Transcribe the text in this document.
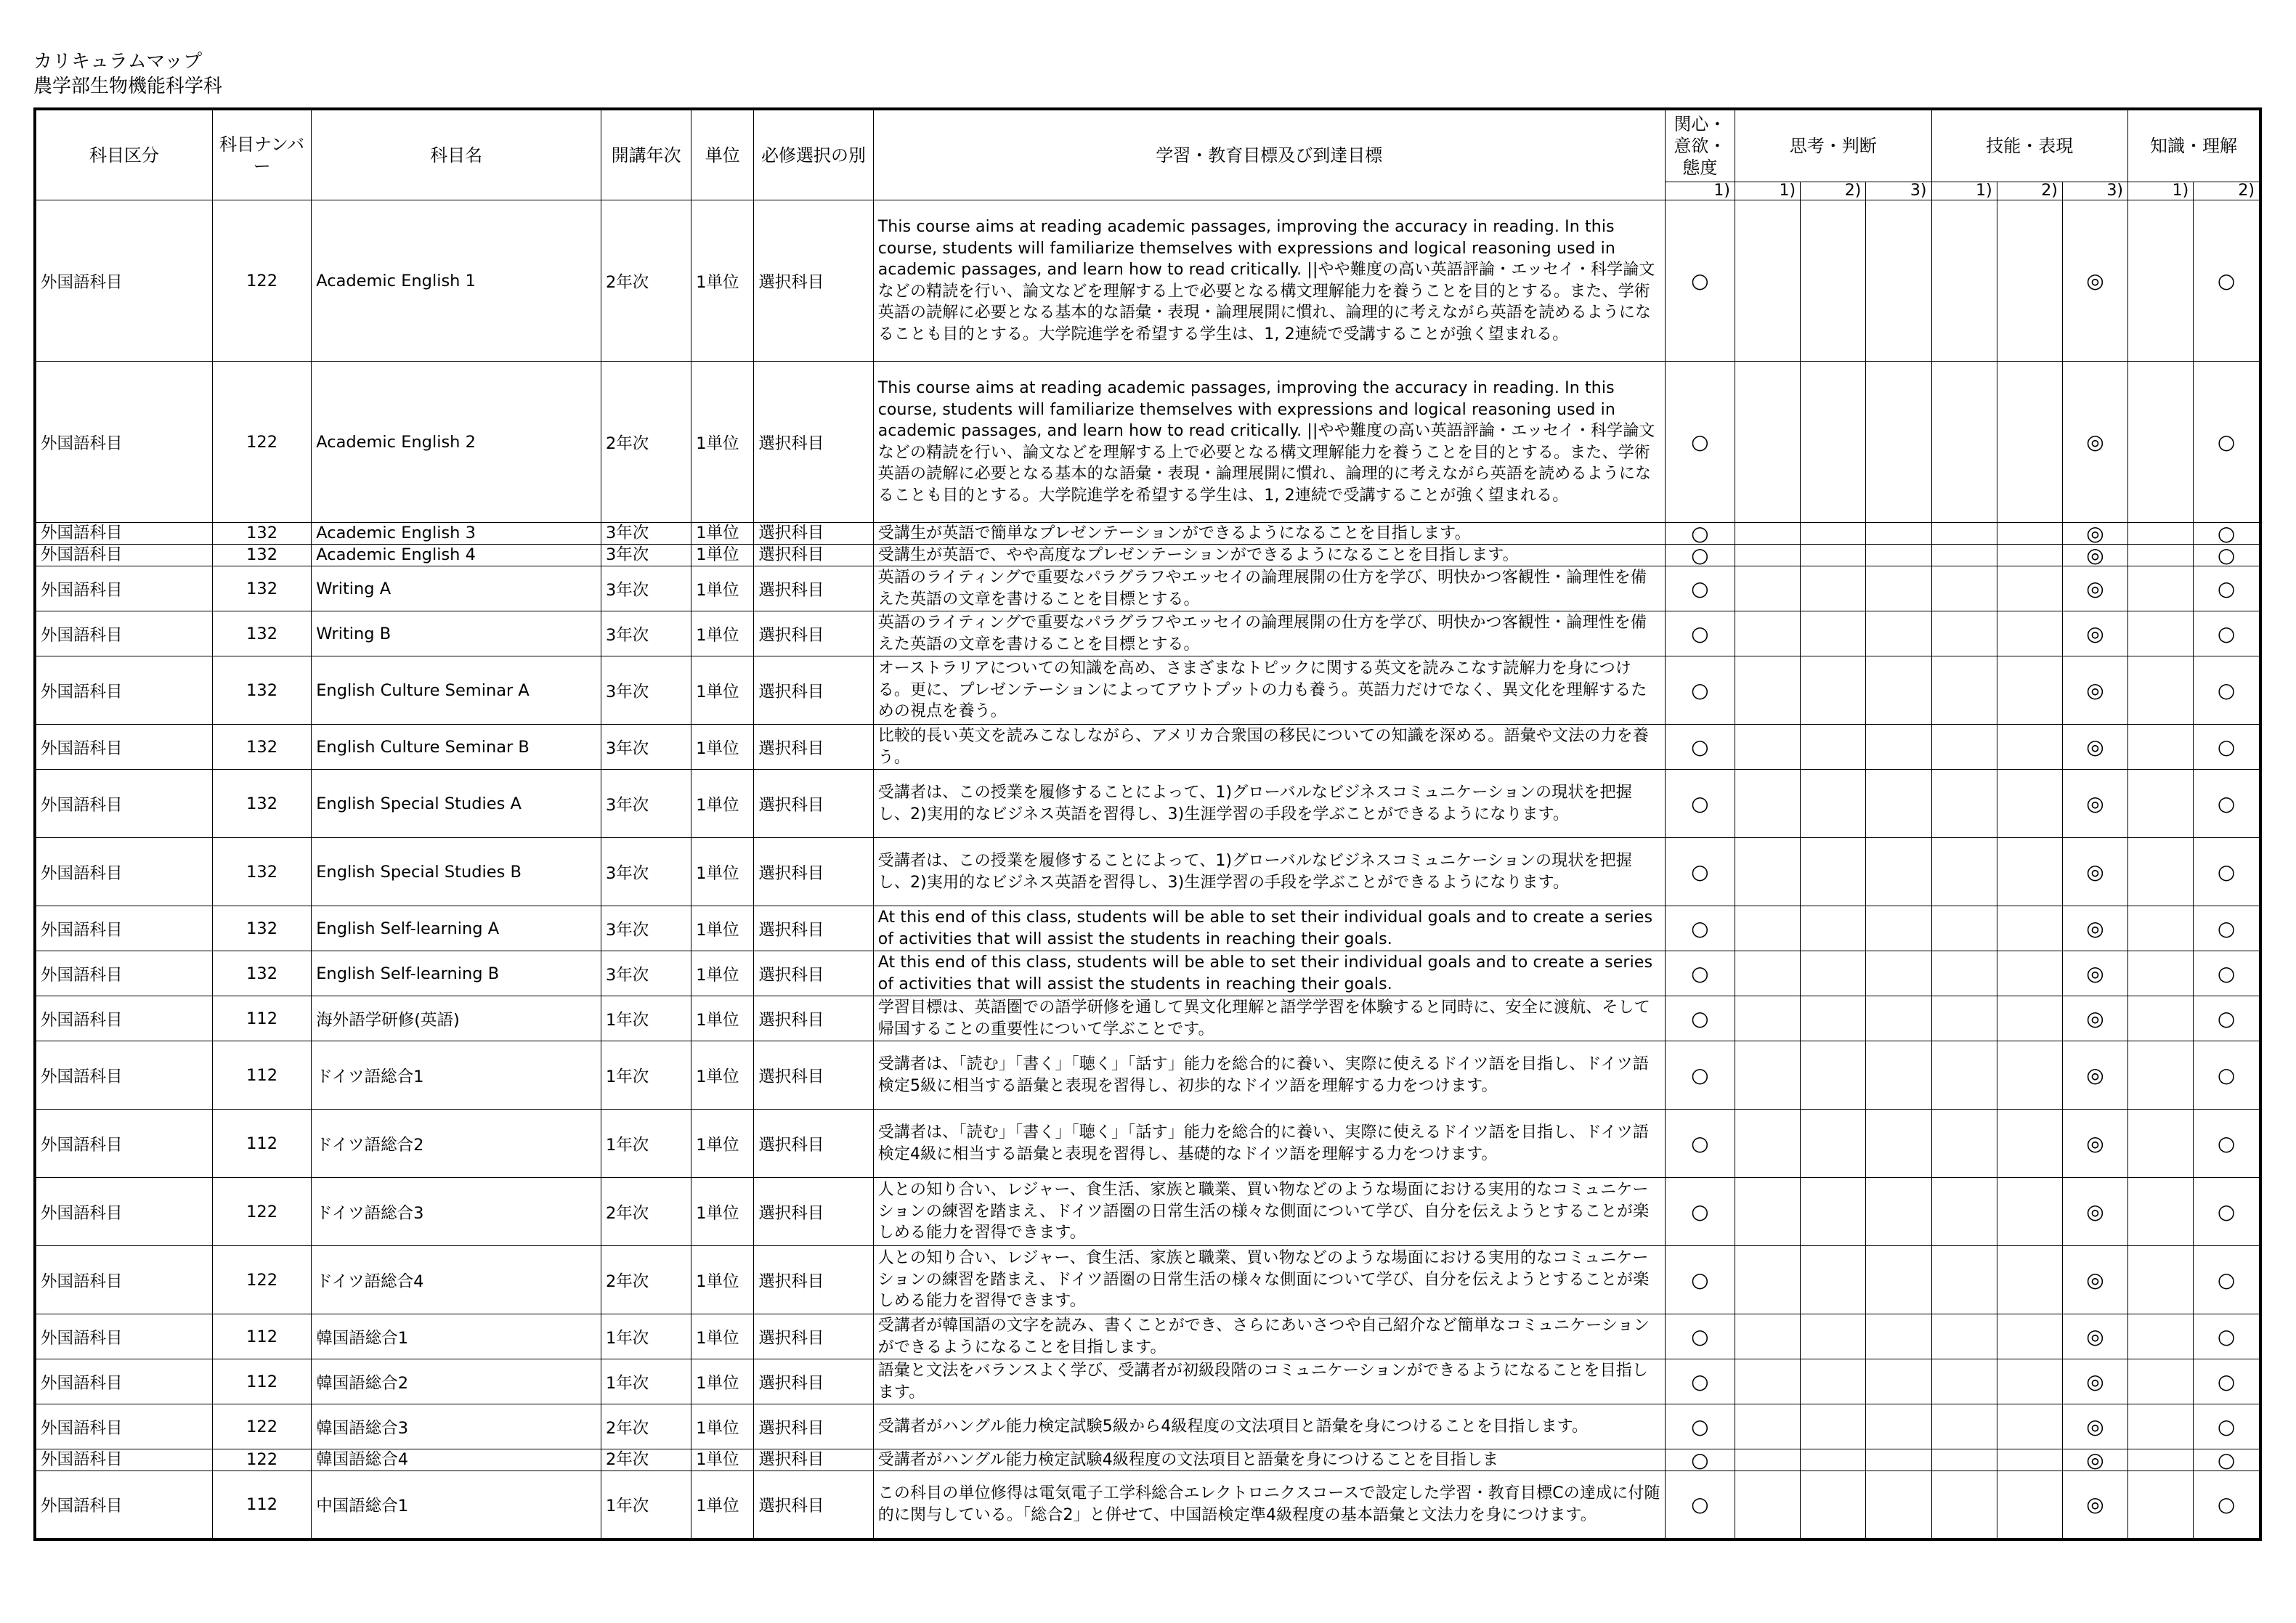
カリキュラムマップ
農学部生物機能科学科
科目区分	科目ナンバー	科目名	開講年次	単位	必修選択の別	学習・教育目標及び到達目標	関心・意欲・態度	思考・判断			技能・表現			知識・理解	
							1)	1)	2)	3)	1)	2)	3)	1)	2)
外国語科目	122	Academic English 1	2年次	1単位	選択科目	This course aims at reading academic passages, improving the accuracy in reading. In this course, students will familiarize themselves with expressions and logical reasoning used in academic passages, and learn how to read critically. ||やや難度の高い英語評論・エッセイ・科学論文などの精読を行い、論文などを理解する上で必要となる構文理解能力を養うことを目的とする。また、学術英語の読解に必要となる基本的な語彙・表現・論理展開に慣れ、論理的に考えながら英語を読めるようになることも目的とする。大学院進学を希望する学生は、1, 2連続で受講することが強く望まれる。	○						◎		○
外国語科目	122	Academic English 2	2年次	1単位	選択科目	This course aims at reading academic passages, improving the accuracy in reading. In this course, students will familiarize themselves with expressions and logical reasoning used in academic passages, and learn how to read critically. ||やや難度の高い英語評論・エッセイ・科学論文などの精読を行い、論文などを理解する上で必要となる構文理解能力を養うことを目的とする。また、学術英語の読解に必要となる基本的な語彙・表現・論理展開に慣れ、論理的に考えながら英語を読めるようになることも目的とする。大学院進学を希望する学生は、1, 2連続で受講することが強く望まれる。	○						◎		○
外国語科目	132	Academic English 3	3年次	1単位	選択科目	受講生が英語で簡単なプレゼンテーションができるようになることを目指します。	○						◎		○
外国語科目	132	Academic English 4	3年次	1単位	選択科目	受講生が英語で、やや高度なプレゼンテーションができるようになることを目指します。	○						◎		○
外国語科目	132	Writing A	3年次	1単位	選択科目	英語のライティングで重要なパラグラフやエッセイの論理展開の仕方を学び、明快かつ客観性・論理性を備えた英語の文章を書けることを目標とする。	○						◎		○
外国語科目	132	Writing B	3年次	1単位	選択科目	英語のライティングで重要なパラグラフやエッセイの論理展開の仕方を学び、明快かつ客観性・論理性を備えた英語の文章を書けることを目標とする。	○						◎		○
外国語科目	132	English Culture Seminar A	3年次	1単位	選択科目	オーストラリアについての知識を高め、さまざまなトピックに関する英文を読みこなす読解力を身につける。更に、プレゼンテーションによってアウトプットの力も養う。英語力だけでなく、異文化を理解するための視点を養う。	○						◎		○
外国語科目	132	English Culture Seminar B	3年次	1単位	選択科目	比較的長い英文を読みこなしながら、アメリカ合衆国の移民についての知識を深める。語彙や文法の力を養う。	○						◎		○
外国語科目	132	English Special Studies A	3年次	1単位	選択科目	受講者は、この授業を履修することによって、1)グローバルなビジネスコミュニケーションの現状を把握し、2)実用的なビジネス英語を習得し、3)生涯学習の手段を学ぶことができるようになります。	○						◎		○
外国語科目	132	English Special Studies B	3年次	1単位	選択科目	受講者は、この授業を履修することによって、1)グローバルなビジネスコミュニケーションの現状を把握し、2)実用的なビジネス英語を習得し、3)生涯学習の手段を学ぶことができるようになります。	○						◎		○
外国語科目	132	English Self-learning A	3年次	1単位	選択科目	At this end of this class, students will be able to set their individual goals and to create a series of activities that will assist the students in reaching their goals.	○						◎		○
外国語科目	132	English Self-learning B	3年次	1単位	選択科目	At this end of this class, students will be able to set their individual goals and to create a series of activities that will assist the students in reaching their goals.	○						◎		○
外国語科目	112	海外語学研修(英語)	1年次	1単位	選択科目	学習目標は、英語圏での語学研修を通して異文化理解と語学学習を体験すると同時に、安全に渡航、そして帰国することの重要性について学ぶことです。	○						◎		○
外国語科目	112	ドイツ語総合1	1年次	1単位	選択科目	受講者は、「読む」「書く」「聴く」「話す」能力を総合的に養い、実際に使えるドイツ語を目指し、ドイツ語検定5級に相当する語彙と表現を習得し、初歩的なドイツ語を理解する力をつけます。	○						◎		○
外国語科目	112	ドイツ語総合2	1年次	1単位	選択科目	受講者は、「読む」「書く」「聴く」「話す」能力を総合的に養い、実際に使えるドイツ語を目指し、ドイツ語検定4級に相当する語彙と表現を習得し、基礎的なドイツ語を理解する力をつけます。	○						◎		○
外国語科目	122	ドイツ語総合3	2年次	1単位	選択科目	人との知り合い、レジャー、食生活、家族と職業、買い物などのような場面における実用的なコミュニケーションの練習を踏まえ、ドイツ語圏の日常生活の様々な側面について学び、自分を伝えようとすることが楽しめる能力を習得できます。	○						◎		○
外国語科目	122	ドイツ語総合4	2年次	1単位	選択科目	人との知り合い、レジャー、食生活、家族と職業、買い物などのような場面における実用的なコミュニケーションの練習を踏まえ、ドイツ語圏の日常生活の様々な側面について学び、自分を伝えようとすることが楽しめる能力を習得できます。	○						◎		○
外国語科目	112	韓国語総合1	1年次	1単位	選択科目	受講者が韓国語の文字を読み、書くことができ、さらにあいさつや自己紹介など簡単なコミュニケーションができるようになることを目指します。	○						◎		○
外国語科目	112	韓国語総合2	1年次	1単位	選択科目	語彙と文法をバランスよく学び、受講者が初級段階のコミュニケーションができるようになることを目指します。	○						◎		○
外国語科目	122	韓国語総合3	2年次	1単位	選択科目	受講者がハングル能力検定試験5級から4級程度の文法項目と語彙を身につけることを目指します。	○						◎		○
外国語科目	122	韓国語総合4	2年次	1単位	選択科目	受講者がハングル能力検定試験4級程度の文法項目と語彙を身につけることを目指しま	○						◎		○
外国語科目	112	中国語総合1	1年次	1単位	選択科目	この科目の単位修得は電気電子工学科総合エレクトロニクスコースで設定した学習・教育目標Cの達成に付随的に関与している。「総合2」と併せて、中国語検定準4級程度の基本語彙と文法力を身につけます。	○						◎		○
